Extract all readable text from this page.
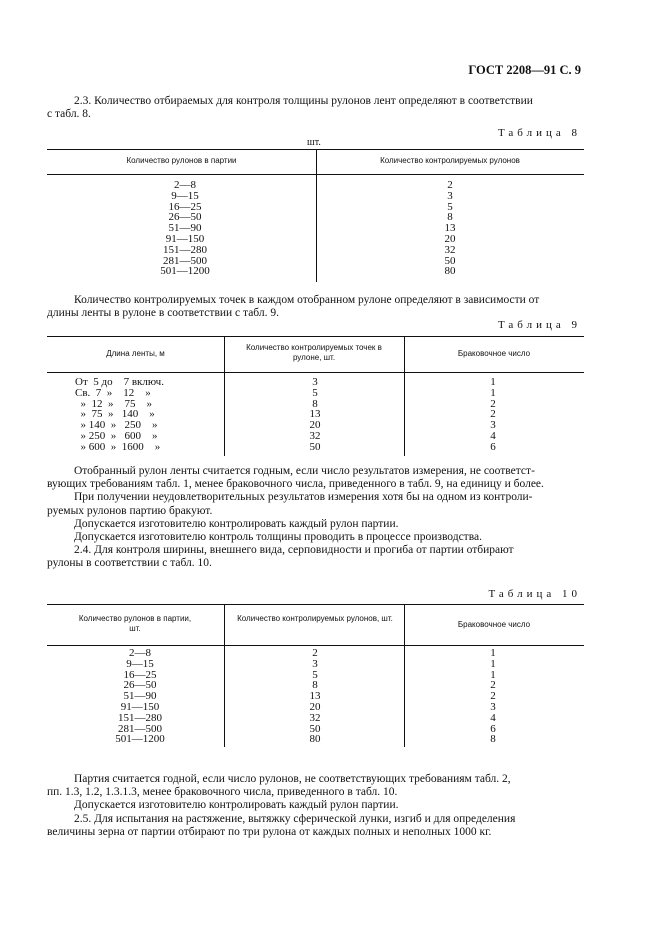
ГОСТ 2208—91 С. 9
2.3. Количество отбираемых для контроля толщины рулонов лент определяют в соответствии
с табл. 8.
Таблица 8
шт.
Количество рулонов в партии	Количество контролируемых рулонов
2—8
9—15
16—25
26—50
51—90
91—150
151—280
281—500
501—1200
2
3
5
8
13
20
32
50
80
Количество контролируемых точек в каждом отобранном рулоне определяют в зависимости от
длины ленты в рулоне в соответствии с табл. 9.
Таблица 9
Длина ленты, м
Количество контролируемых точек в рулоне, шт.	Браковочное число
От  5 до    7 включ.
Св.  7  »    12    »
»  12  »    75    »
»  75  »   140    »
» 140  »   250    »
» 250  »   600    »
» 600  »  1600    »
3
5
8
13
20
32
50
1
1
2
2
3
4
6
Отобранный рулон ленты считается годным, если число результатов измерения, не соответст-
вующих требованиям табл. 1, менее браковочного числа, приведенного в табл. 9, на единицу и более.
При получении неудовлетворительных результатов измерения хотя бы на одном из контроли-
руемых рулонов партию бракуют.
Допускается изготовителю контролировать каждый рулон партии.
Допускается изготовителю контроль толщины проводить в процессе производства.
2.4. Для контроля ширины, внешнего вида, серповидности и прогиба от партии отбирают
рулоны в соответствии с табл. 10.
Таблица 10
Количество рулонов в партии, шт.
Количество контролируемых рулонов, шт.
Браковочное число
2—8
9—15
16—25
26—50
51—90
91—150
151—280
281—500
501—1200
2
3
5
8
13
20
32
50
80
1
1
1
2
2
3
4
6
8
Партия считается годной, если число рулонов, не соответствующих требованиям табл. 2,
пп. 1.3, 1.2, 1.3.1.3, менее браковочного числа, приведенного в табл. 10.
Допускается изготовителю контролировать каждый рулон партии.
2.5. Для испытания на растяжение, вытяжку сферической лунки, изгиб и для определения
величины зерна от партии отбирают по три рулона от каждых полных и неполных 1000 кг.
